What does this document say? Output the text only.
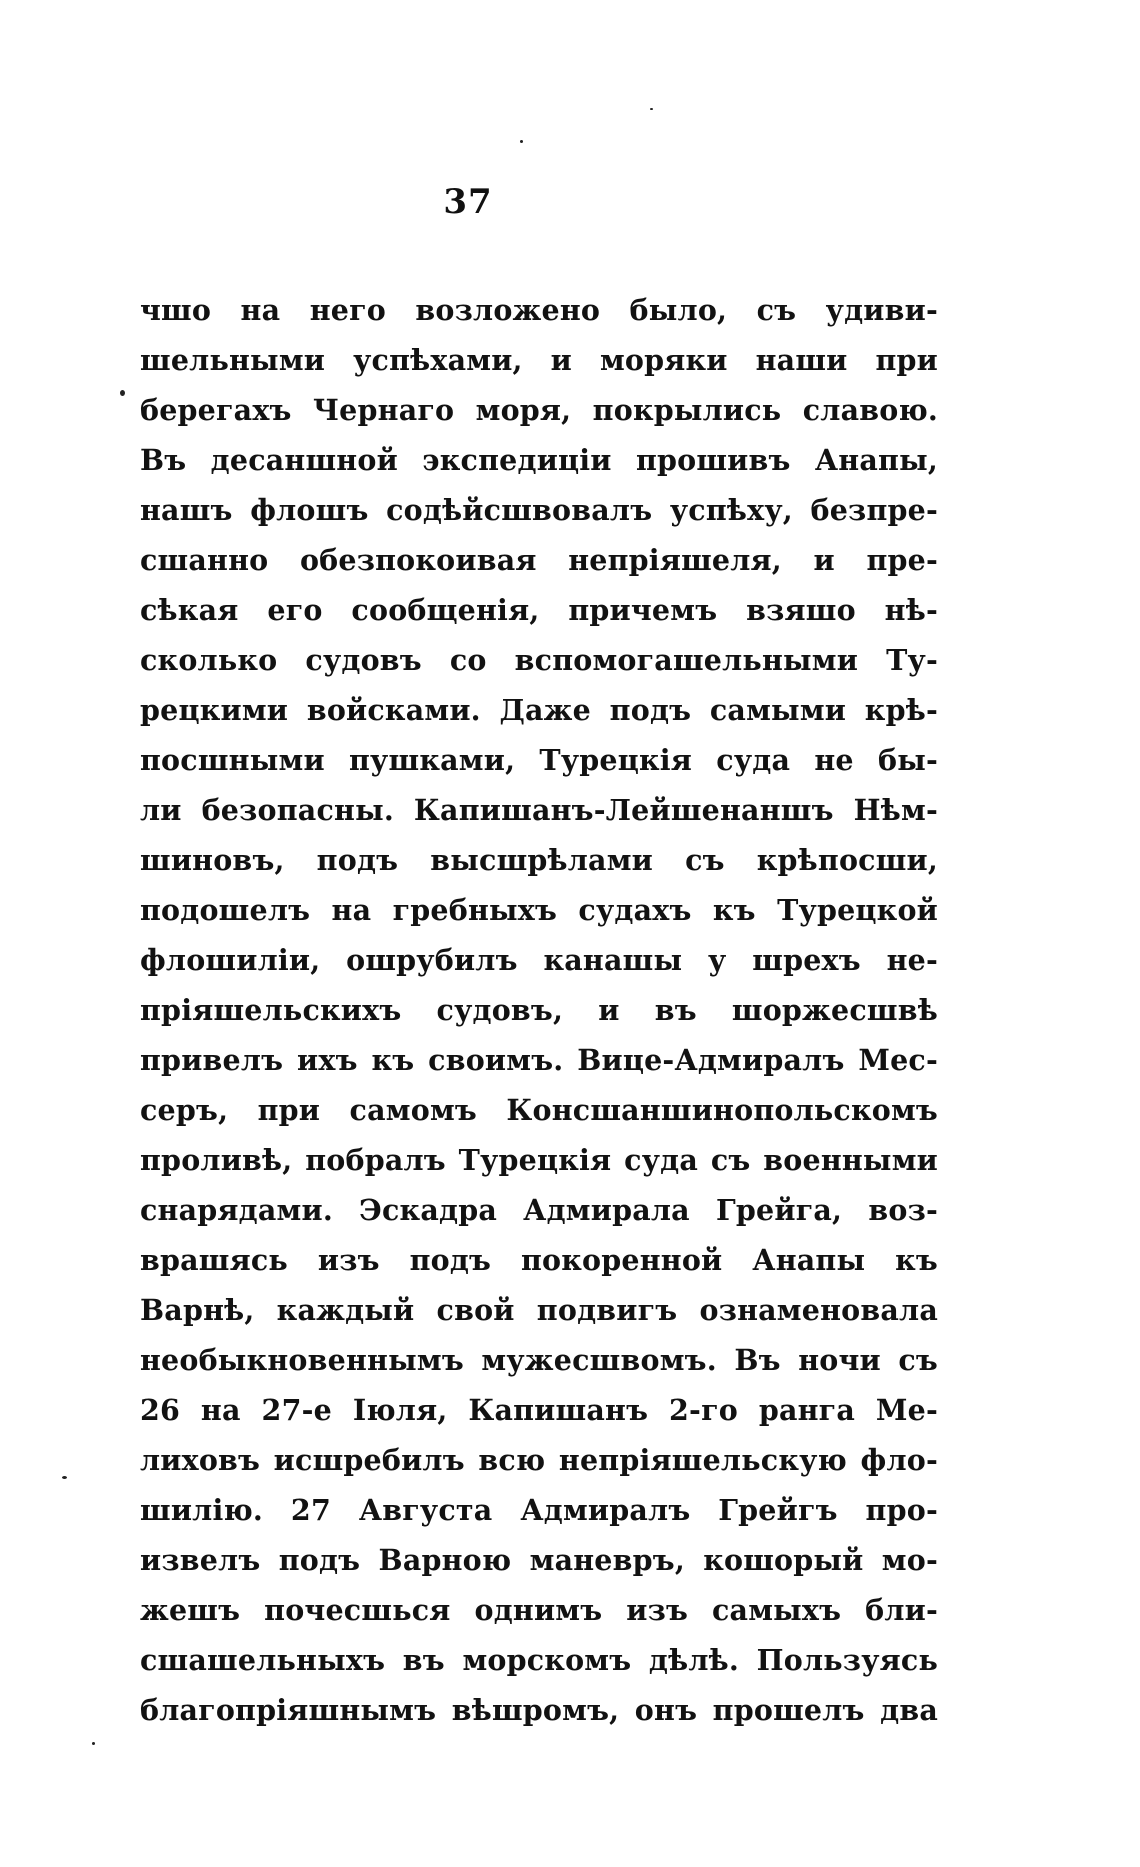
37
чшо на него возложено было, съ удиви-
шельными успѣхами, и моряки наши при
берегахъ Чернаго моря, покрылись славою.
Въ десаншной экспедиціи прошивъ Анапы,
нашъ флошъ содѣйсшвовалъ успѣху, безпре-
сшанно обезпокоивая непріяшеля, и пре-
сѣкая его сообщенія, причемъ взяшо нѣ-
сколько судовъ со вспомогашельными Ту-
рецкими войсками. Даже подъ самыми крѣ-
посшными пушками, Турецкія суда не бы-
ли безопасны. Капишанъ-Лейшенаншъ Нѣм-
шиновъ, подъ высшрѣлами съ крѣпосши,
подошелъ на гребныхъ судахъ къ Турецкой
флошиліи, ошрубилъ канашы у шрехъ не-
пріяшельскихъ судовъ, и въ шоржесшвѣ
привелъ ихъ къ своимъ. Вице-Адмиралъ Мес-
серъ, при самомъ Консшаншинопольскомъ
проливѣ, побралъ Турецкія суда съ военными
снарядами. Эскадра Адмирала Грейга, воз-
врашясь изъ подъ покоренной Анапы къ
Варнѣ, каждый свой подвигъ ознаменовала
необыкновеннымъ мужесшвомъ. Въ ночи съ
26 на 27-е Іюля, Капишанъ 2-го ранга Ме-
лиховъ исшребилъ всю непріяшельскую фло-
шилію. 27 Августа Адмиралъ Грейгъ про-
извелъ подъ Варною маневръ, кошорый мо-
жешъ почесшься однимъ изъ самыхъ бли-
сшашельныхъ въ морскомъ дѣлѣ. Пользуясь
благопріяшнымъ вѣшромъ, онъ прошелъ два
